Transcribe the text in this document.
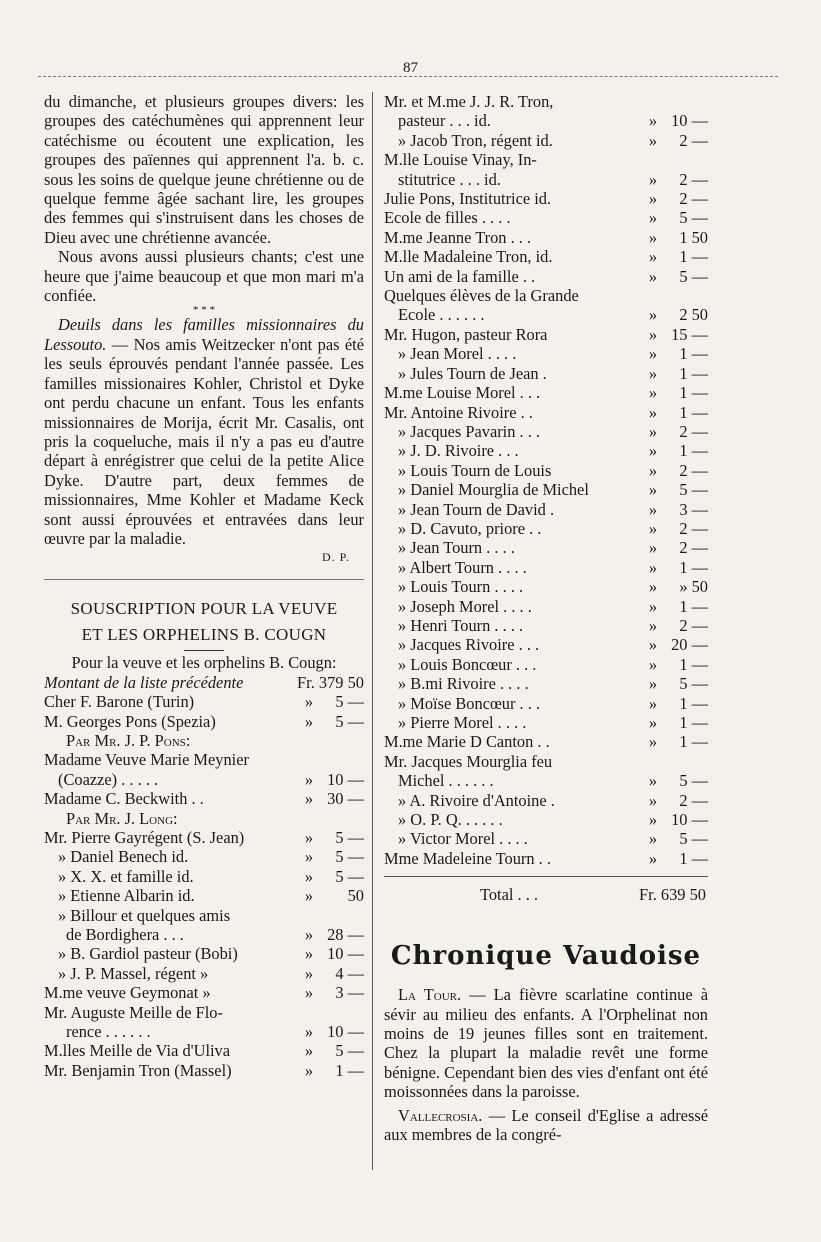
87

du dimanche, et plusieurs groupes divers: les groupes des catéchumènes qui apprennent leur catéchisme ou écoutent une explication, les groupes des païennes qui apprennent l'a. b. c. sous les soins de quelque jeune chrétienne ou de quelque femme âgée sachant lire, les groupes des femmes qui s'instruisent dans les choses de Dieu avec une chrétienne avancée.

Nous avons aussi plusieurs chants; c'est une heure que j'aime beaucoup et que mon mari m'a confiée.

* * *

Deuils dans les familles missionnaires du Lessouto. — Nos amis Weitzecker n'ont pas été les seuls éprouvés pendant l'année passée. Les familles missionaires Kohler, Christol et Dyke ont perdu chacune un enfant. Tous les enfants missionnaires de Morija, écrit Mr. Casalis, ont pris la coqueluche, mais il n'y a pas eu d'autre départ à enrégistrer que celui de la petite Alice Dyke. D'autre part, deux femmes de missionnaires, Mme Kohler et Madame Keck sont aussi éprouvées et entravées dans leur œuvre par la maladie.

D. P.
SOUSCRIPTION POUR LA VEUVE
ET LES ORPHELINS B. COUGN
Pour la veuve et les orphelins B. Cougn:
Montant de la liste précédente	Fr. 379 50
Cher F. Barone (Turin)	»	5 —
M. Georges Pons (Spezia)	»	5 —
Par Mr. J. P. Pons:
Madame Veuve Marie Meynier
(Coazze) . . . . .	» 10 —
Madame C. Beckwith . .	» 30 —
Par Mr. J. Long:
Mr. Pierre Gayrégent (S. Jean)	»	5 —
» Daniel Benech id.	»	5 —
» X. X. et famille id.	»	5 —
» Etienne Albarin id.	»	50
» Billour et quelques amis
de Bordighera . . .	» 28 —
» B. Gardiol pasteur (Bobi)	» 10 —
» J. P. Massel, régent »	»	4 —
M.me veuve Geymonat »	»	3 —
Mr. Auguste Meille de Flo-
rence . . . . . .	» 10 —
M.lles Meille de Via d'Uliva	»	5 —
Mr. Benjamin Tron (Massel)	»	1 —
Mr. et M.me J. J. R. Tron,
pasteur . . . id.	» 10 —
» Jacob Tron, régent id.	»	2 —
M.lle Louise Vinay, In-
stitutrice . . . id.	»	2 —
Julie Pons, Institutrice id.	»	2 —
Ecole de filles . . . .	»	5 —
M.me Jeanne Tron . . .	»	1 50
M.lle Madaleine Tron, id.	»	1 —
Un ami de la famille . .	»	5 —
Quelques élèves de la Grande
Ecole . . . . . .	»	2 50
Mr. Hugon, pasteur Rora	» 15 —
» Jean Morel . . . .	»	1 —
» Jules Tourn de Jean .	»	1 —
M.me Louise Morel . . .	»	1 —
Mr. Antoine Rivoire . .	»	1 —
» Jacques Pavarin . . .	»	2 —
» J. D. Rivoire . . .	»	1 —
» Louis Tourn de Louis	»	2 —
» Daniel Mourglia de Michel	»	5 —
» Jean Tourn de David .	»	3 —
» D. Cavuto, priore . .	»	2 —
» Jean Tourn . . . .	»	2 —
» Albert Tourn . . . .	»	1 —
» Louis Tourn . . . .	»	» 50
» Joseph Morel . . . .	»	1 —
» Henri Tourn . . . .	»	2 —
» Jacques Rivoire . . .	» 20 —
» Louis Boncœur . . .	»	1 —
» B.mi Rivoire . . . .	»	5 —
» Moïse Boncœur . . .	»	1 —
» Pierre Morel . . . .	»	1 —
M.me Marie D Canton . .	»	1 —
Mr. Jacques Mourglia feu
Michel . . . . . .	»	5 —
» A. Rivoire d'Antoine .	»	2 —
» O. P. Q. . . . . .	» 10 —
» Victor Morel . . . .	»	5 —
Mme Madeleine Tourn . .	»	1 —
Total . . .	Fr. 639 50
Chronique Vaudoise

La Tour. — La fièvre scarlatine continue à sévir au milieu des enfants. A l'Orphelinat non moins de 19 jeunes filles sont en traitement. Chez la plupart la maladie revêt une forme bénigne. Cependant bien des vies d'enfant ont été moissonnées dans la paroisse.

Vallecrosia. — Le conseil d'Eglise a adressé aux membres de la congré-
